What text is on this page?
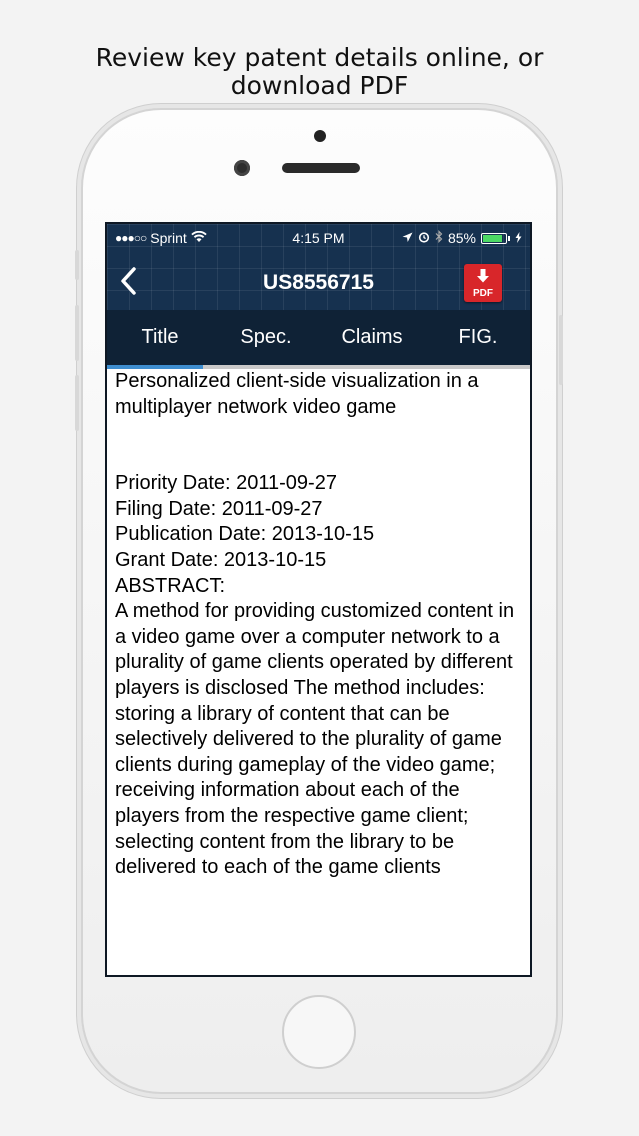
Review key patent details online, or
download PDF
4:15 PM
●●●○○ Sprint	85%
US8556715	PDF
Title	Spec.	Claims	FIG.

Personalized client-side visualization in a multiplayer network video game

Priority Date: 2011-09-27

Filing Date: 2011-09-27

Publication Date: 2013-10-15

Grant Date: 2013-10-15

ABSTRACT:

A method for providing customized content in a video game over a computer network to a plurality of game clients operated by different players is disclosed The method includes: storing a library of content that can be selectively delivered to the plurality of game clients during gameplay of the video game; receiving information about each of the players from the respective game client; selecting content from the library to be delivered to each of the game clients
